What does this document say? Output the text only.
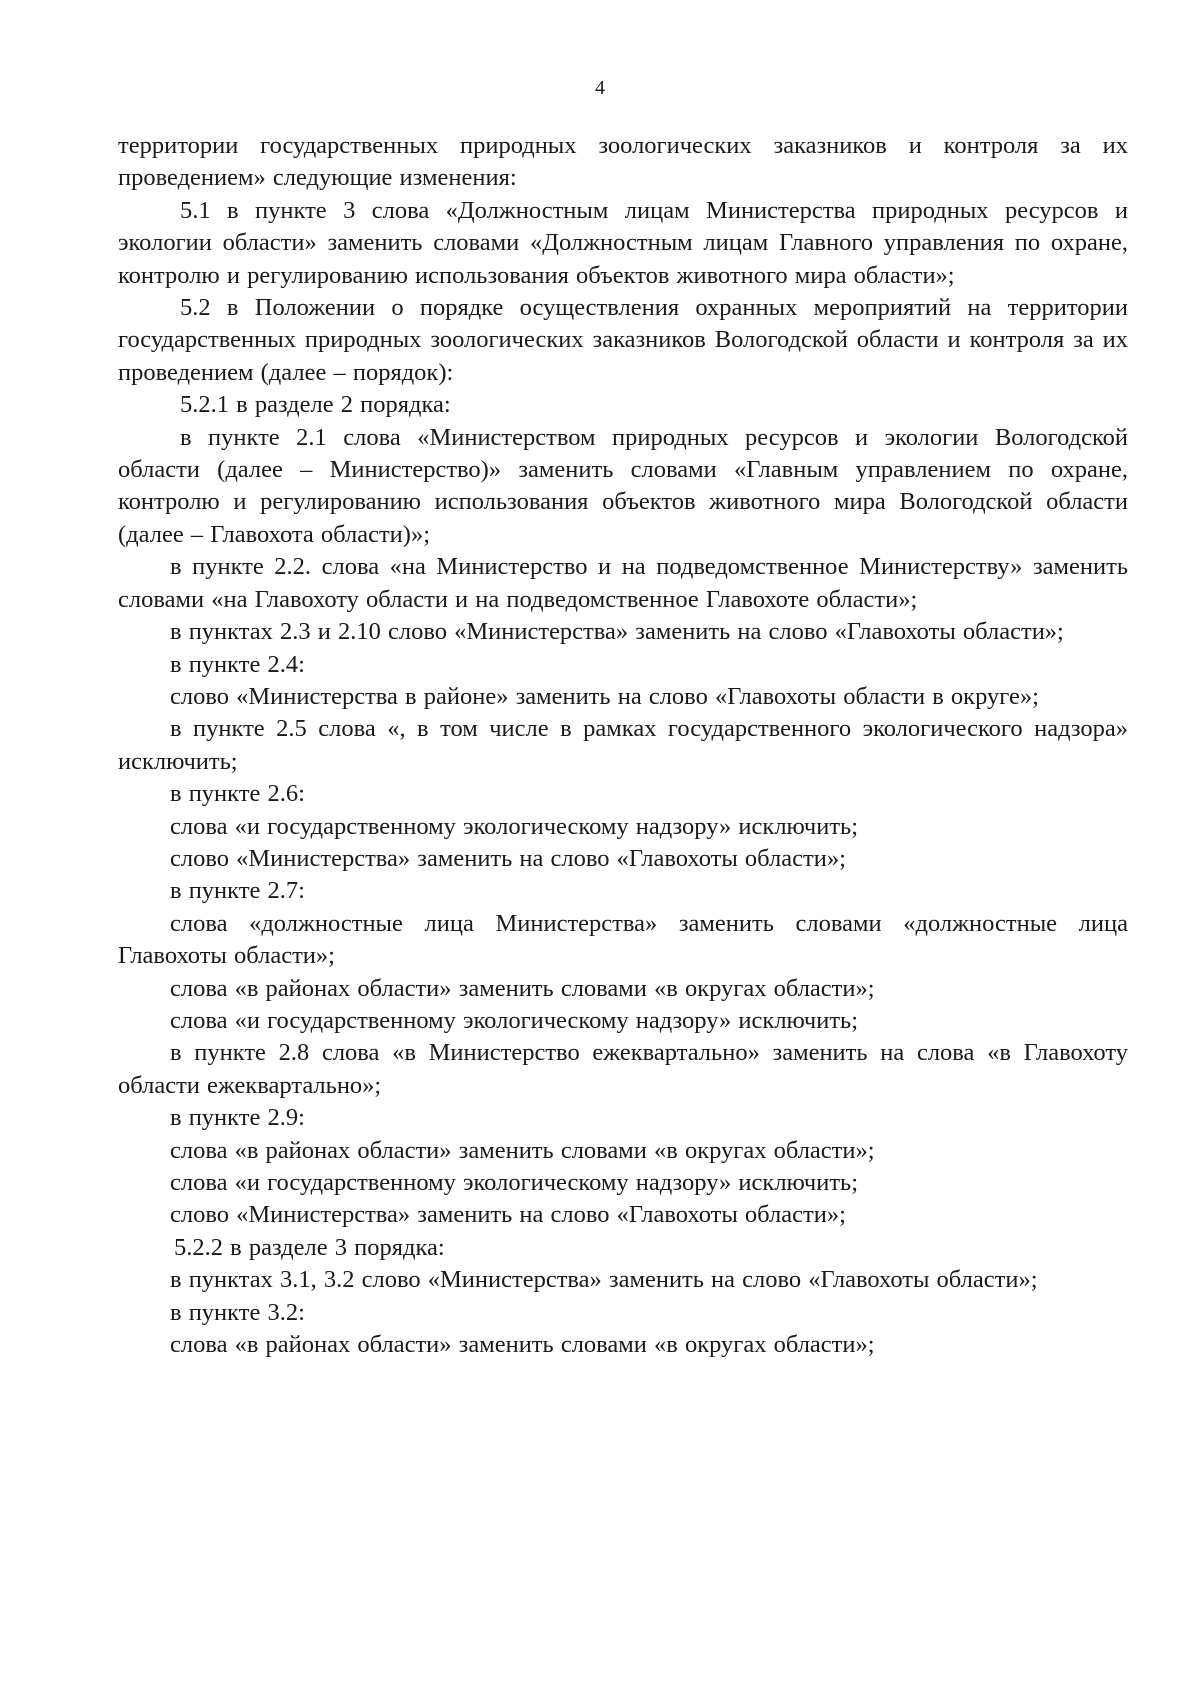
4

территории государственных природных зоологических заказников и контроля за их проведением» следующие изменения:

5.1 в пункте 3 слова «Должностным лицам Министерства природных ресурсов и экологии области» заменить словами «Должностным лицам Главного управления по охране, контролю и регулированию использования объектов животного мира области»;

5.2 в Положении о порядке осуществления охранных мероприятий на территории государственных природных зоологических заказников Вологодской области и контроля за их проведением (далее – порядок):

5.2.1 в разделе 2 порядка:

в пункте 2.1 слова «Министерством природных ресурсов и экологии Вологодской области (далее – Министерство)» заменить словами «Главным управлением по охране, контролю и регулированию использования объектов животного мира Вологодской области (далее – Главохота области)»;

в пункте 2.2. слова «на Министерство и на подведомственное Министерству» заменить словами «на Главохоту области и на подведомственное Главохоте области»;

в пунктах 2.3 и 2.10 слово «Министерства» заменить на слово «Главохоты области»;

в пункте 2.4:

слово «Министерства в районе» заменить на слово «Главохоты области в округе»;

в пункте 2.5 слова «, в том числе в рамках государственного экологического надзора» исключить;

в пункте 2.6:

слова «и государственному экологическому надзору» исключить;

слово «Министерства» заменить на слово «Главохоты области»;

в пункте 2.7:

слова «должностные лица Министерства» заменить словами «должностные лица Главохоты области»;

слова «в районах области» заменить словами «в округах области»;

слова «и государственному экологическому надзору» исключить;

в пункте 2.8 слова «в Министерство ежеквартально» заменить на слова «в Главохоту области ежеквартально»;

в пункте 2.9:

слова «в районах области» заменить словами «в округах области»;

слова «и государственному экологическому надзору» исключить;

слово «Министерства» заменить на слово «Главохоты области»;

5.2.2 в разделе 3 порядка:

в пунктах 3.1, 3.2 слово «Министерства» заменить на слово «Главохоты области»;

в пункте 3.2:

слова «в районах области» заменить словами «в округах области»;
